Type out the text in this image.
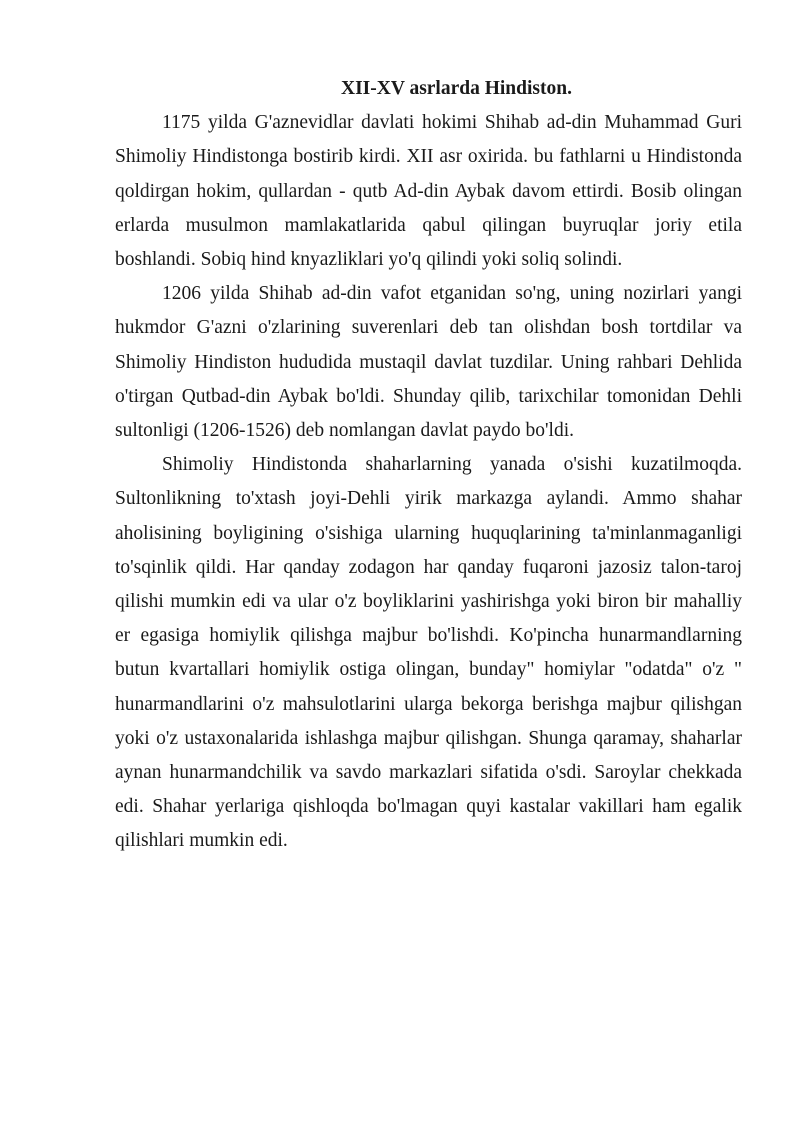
XII-XV asrlarda Hindiston.

1175 yilda G'aznevidlar davlati hokimi Shihab ad-din Muhammad Guri Shimoliy Hindistonga bostirib kirdi. XII asr oxirida. bu fathlarni u Hindistonda qoldirgan hokim, qullardan - qutb Ad-din Aybak davom ettirdi. Bosib olingan erlarda musulmon mamlakatlarida qabul qilingan buyruqlar joriy etila boshlandi. Sobiq hind knyazliklari yo'q qilindi yoki soliq solindi.

1206 yilda Shihab ad-din vafot etganidan so'ng, uning nozirlari yangi hukmdor G'azni o'zlarining suverenlari deb tan olishdan bosh tortdilar va Shimoliy Hindiston hududida mustaqil davlat tuzdilar. Uning rahbari Dehlida o'tirgan Qutbad-din Aybak bo'ldi. Shunday qilib, tarixchilar tomonidan Dehli sultonligi (1206-1526) deb nomlangan davlat paydo bo'ldi.

Shimoliy Hindistonda shaharlarning yanada o'sishi kuzatilmoqda. Sultonlikning to'xtash joyi-Dehli yirik markazga aylandi. Ammo shahar aholisining boyligining o'sishiga ularning huquqlarining ta'minlanmaganligi to'sqinlik qildi. Har qanday zodagon har qanday fuqaroni jazosiz talon-taroj qilishi mumkin edi va ular o'z boyliklarini yashirishga yoki biron bir mahalliy er egasiga homiylik qilishga majbur bo'lishdi. Ko'pincha hunarmandlarning butun kvartallari homiylik ostiga olingan, bunday" homiylar "odatda" o'z " hunarmandlarini o'z mahsulotlarini ularga bekorga berishga majbur qilishgan yoki o'z ustaxonalarida ishlashga majbur qilishgan. Shunga qaramay, shaharlar aynan hunarmandchilik va savdo markazlari sifatida o'sdi. Saroylar chekkada edi. Shahar yerlariga qishloqda bo'lmagan quyi kastalar vakillari ham egalik qilishlari mumkin edi.
